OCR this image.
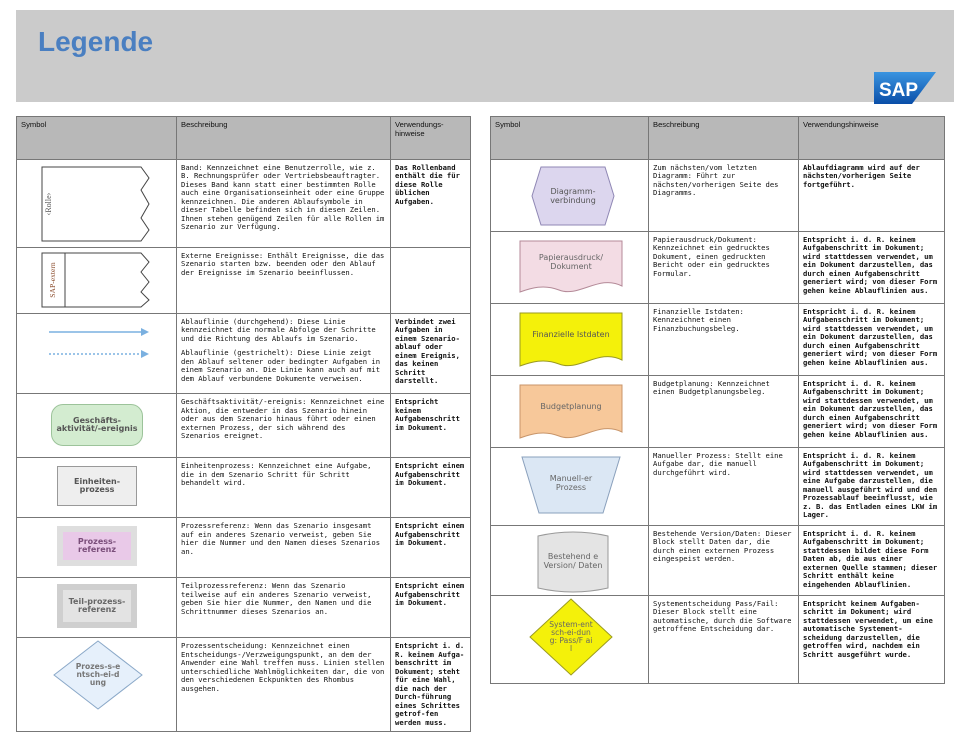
Legende
SAP
Symbol	Beschreibung	Verwendungs-
hinweise

‹Rolle›	Band: Kennzeichnet eine Benutzerrolle, wie z. B. Rechnungsprüfer oder Vertriebsbeauftragter. Dieses Band kann statt einer bestimmten Rolle auch eine Organisationseinheit oder eine Gruppe kennzeichnen. Die anderen Ablaufsymbole in dieser Tabelle befinden sich in diesen Zeilen. Ihnen stehen genügend Zeilen für alle Rollen im Szenario zur Verfügung.	Das Rollenband enthält die für diese Rolle üblichen Aufgaben.

SAP-extern	Externe Ereignisse: Enthält Ereignisse, die das Szenario starten bzw. beenden oder den Ablauf der Ereignisse im Szenario beeinflussen.	

Ablauflinie (durchgehend): Diese Linie kennzeichnet die normale Abfolge der Schritte und die Richtung des Ablaufs im Szenario.

Ablauflinie (gestrichelt): Diese Linie zeigt den Ablauf seltener oder bedingter Aufgaben in einem Szenario an. Die Linie kann auch auf mit dem Ablauf verbundene Dokumente verweisen.	Verbindet zwei Aufgaben in einem Szenario-ablauf oder einem Ereignis, das keinen Schritt darstellt.

Geschäfts-aktivität/-ereignis	Geschäftsaktivität/-ereignis: Kennzeichnet eine Aktion, die entweder in das Szenario hinein oder aus dem Szenario hinaus führt oder einen externen Prozess, der sich während des Szenarios ereignet.	Entspricht keinem Aufgabenschritt im Dokument.

Einheiten-prozess	Einheitenprozess: Kennzeichnet eine Aufgabe, die in dem Szenario Schritt für Schritt behandelt wird.	Entspricht einem Aufgabenschritt im Dokument.

Prozess-referenz	Prozessreferenz: Wenn das Szenario insgesamt auf ein anderes Szenario verweist, geben Sie hier die Nummer und den Namen dieses Szenarios an.	Entspricht einem Aufgabenschritt im Dokument.

Teil-prozess-referenz	Teilprozessreferenz: Wenn das Szenario teilweise auf ein anderes Szenario verweist, geben Sie hier die Nummer, den Namen und die Schrittnummer dieses Szenarios an.	Entspricht einem Aufgabenschritt im Dokument.

Prozes-s-entsch-ei-dung	Prozessentscheidung: Kennzeichnet einen Entscheidungs-/Verzweigungspunkt, an dem der Anwender eine Wahl treffen muss. Linien stellen unterschiedliche Wahlmöglichkeiten dar, die von den verschiedenen Eckpunkten des Rhombus ausgehen.	Entspricht i. d. R. keinem Aufga-benschritt im Dokument; steht für eine Wahl, die nach der Durch-führung eines Schrittes getrof-fen werden muss.
Symbol	Beschreibung	Verwendungshinweise

Diagramm-verbindung	Zum nächsten/vom letzten Diagramm: Führt zur nächsten/vorherigen Seite des Diagramms.	Ablaufdiagramm wird auf der nächsten/vorherigen Seite fortgeführt.

Papierausdruck/ Dokument	Papierausdruck/Dokument: Kennzeichnet ein gedrucktes Dokument, einen gedruckten Bericht oder ein gedrucktes Formular.	Entspricht i. d. R. keinem Aufgabenschritt im Dokument; wird stattdessen verwendet, um ein Dokument darzustellen, das durch einen Aufgabenschritt generiert wird; von dieser Form gehen keine Ablauflinien aus.

Finanzielle Istdaten	Finanzielle Istdaten: Kennzeichnet einen Finanzbuchungsbeleg.	Entspricht i. d. R. keinem Aufgabenschritt im Dokument; wird stattdessen verwendet, um ein Dokument darzustellen, das durch einen Aufgabenschritt generiert wird; von dieser Form gehen keine Ablauflinien aus.

Budgetplanung	Budgetplanung: Kennzeichnet einen Budgetplanungsbeleg.	Entspricht i. d. R. keinem Aufgabenschritt im Dokument; wird stattdessen verwendet, um ein Dokument darzustellen, das durch einen Aufgabenschritt generiert wird; von dieser Form gehen keine Ablauflinien aus.

Manuell-er Prozess	Manueller Prozess: Stellt eine Aufgabe dar, die manuell durchgeführt wird.	Entspricht i. d. R. keinem Aufgabenschritt im Dokument; wird stattdessen verwendet, um eine Aufgabe darzustellen, die manuell ausgeführt wird und den Prozessablauf beeinflusst, wie z. B. das Entladen eines LKW im Lager.

Bestehend e Version/ Daten	Bestehende Version/Daten: Dieser Block stellt Daten dar, die durch einen externen Prozess eingespeist werden.	Entspricht i. d. R. keinem Aufgabenschritt im Dokument; stattdessen bildet diese Form Daten ab, die aus einer externen Quelle stammen; dieser Schritt enthält keine eingehenden Ablauflinien.

System-entsch-ei-dung: Pass/F ail	Systementscheidung Pass/Fail: Dieser Block stellt eine automatische, durch die Software getroffene Entscheidung dar.	Entspricht keinem Aufgaben-schritt im Dokument; wird stattdessen verwendet, um eine automatische Systement-scheidung darzustellen, die getroffen wird, nachdem ein Schritt ausgeführt wurde.
